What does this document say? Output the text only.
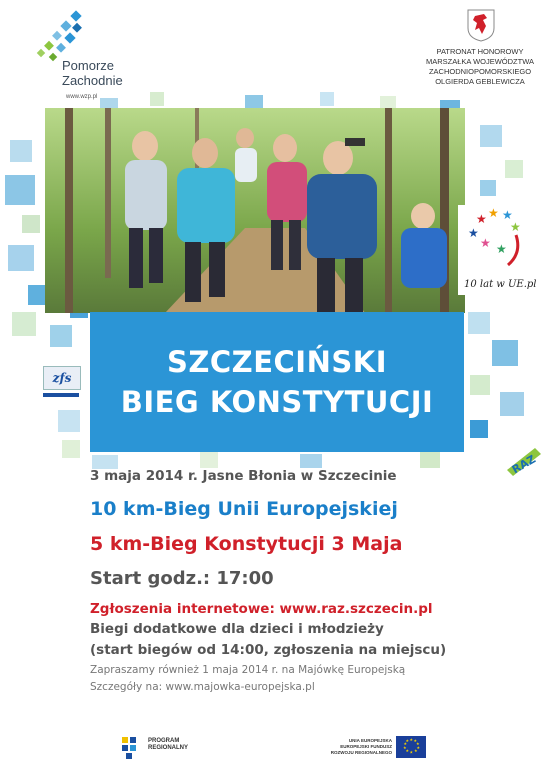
Pomorze
Zachodnie
www.wzp.pl
PATRONAT HONOROWY
MARSZAŁKA WOJEWÓDZTWA
ZACHODNIOPOMORSKIEGO
OLGIERDA GEBLEWICZA
★ ★ ★
★
★
★ ★
10 lat w UE.pl
zfs
RAZ
SZCZECIŃSKI
BIEG KONSTYTUCJI
3 maja 2014 r. Jasne Błonia w Szczecinie
10 km-Bieg Unii Europejskiej
5 km-Bieg Konstytucji 3 Maja
Start godz.: 17:00
Zgłoszenia internetowe: www.raz.szczecin.pl
Biegi dodatkowe dla dzieci i młodzieży
(start biegów od 14:00, zgłoszenia na miejscu)
Zapraszamy również 1 maja 2014 r. na Majówkę Europejską
Szczegóły na: www.majowka-europejska.pl
PROGRAM
REGIONALNY
UNIA EUROPEJSKA
EUROPEJSKI FUNDUSZ
ROZWOJU REGIONALNEGO
★ ★
★
★
★
★
★
★
★
★
